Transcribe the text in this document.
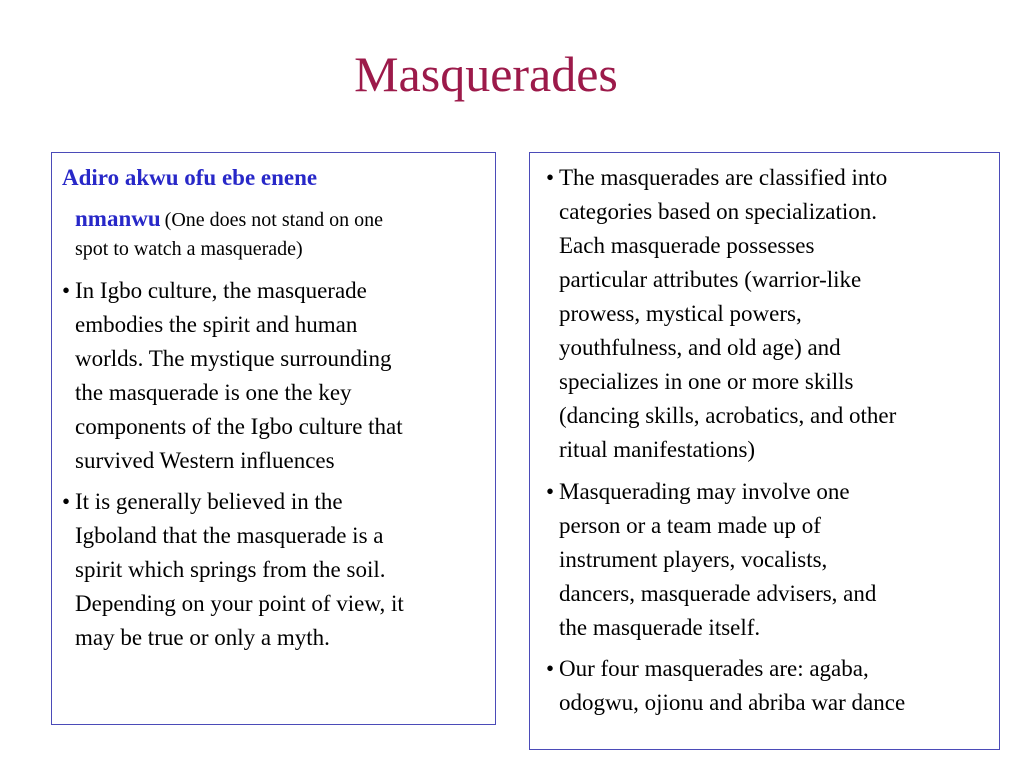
Masquerades
Adiro akwu ofu ebe enene
nmanwu (One does not stand on one
spot to watch a masquerade)
• In Igbo culture, the masquerade
embodies the spirit and human
worlds. The mystique surrounding
the masquerade is one the key
components of the Igbo culture that
survived Western influences
• It is generally believed in the
Igboland that the masquerade is a
spirit which springs from the soil.
Depending on your point of view, it
may be true or only a myth.
• The masquerades are classified into
categories based on specialization.
Each masquerade possesses
particular attributes (warrior-like
prowess, mystical powers,
youthfulness, and old age) and
specializes in one or more skills
(dancing skills, acrobatics, and other
ritual manifestations)
• Masquerading may involve one
person or a team made up of
instrument players, vocalists,
dancers, masquerade advisers, and
the masquerade itself.
• Our four masquerades are: agaba,
odogwu, ojionu and abriba war dance
